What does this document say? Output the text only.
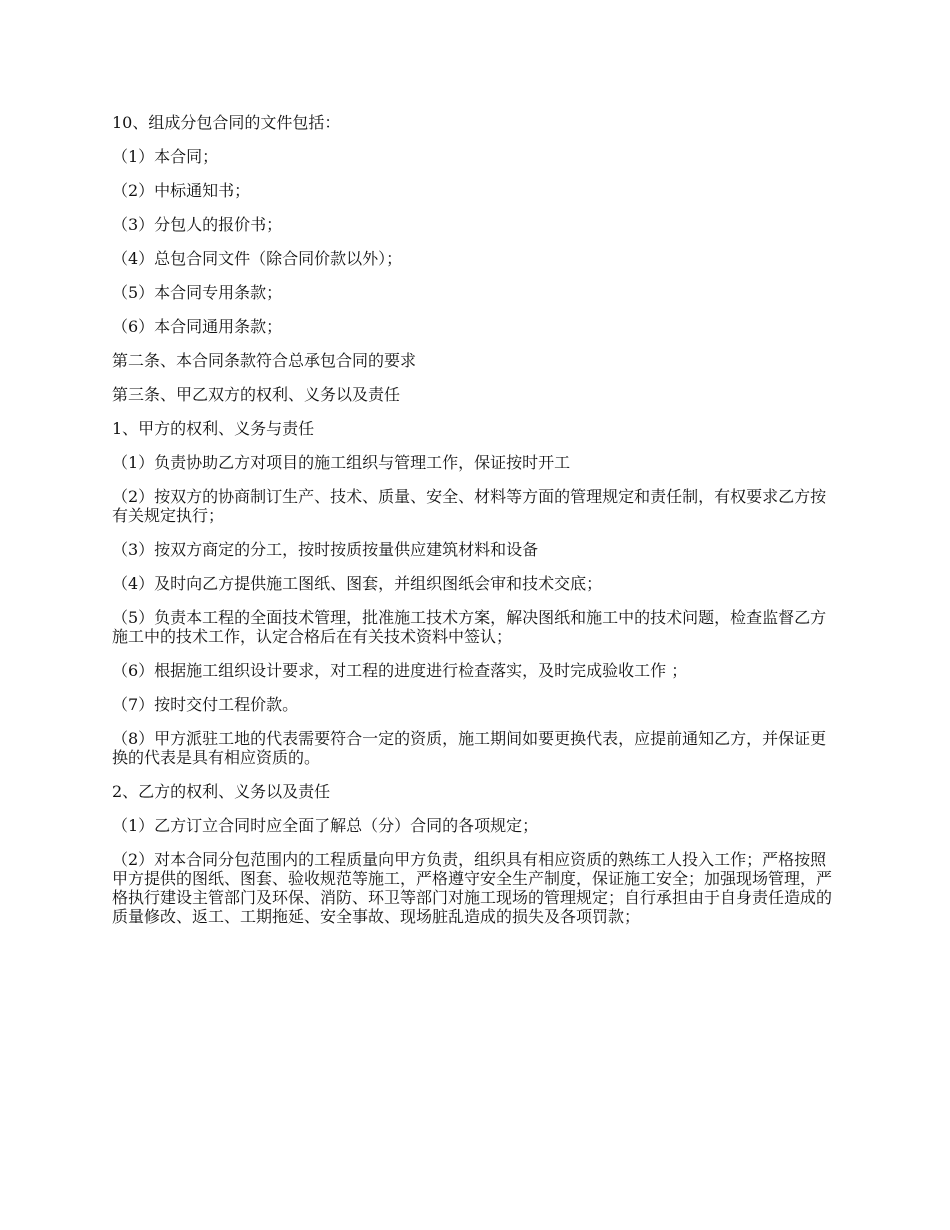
10、组成分包合同的文件包括：

（1）本合同；

（2）中标通知书；

（3）分包人的报价书；

（4）总包合同文件（除合同价款以外）；

（5）本合同专用条款；

（6）本合同通用条款；

第二条、本合同条款符合总承包合同的要求

第三条、甲乙双方的权利、义务以及责任

1、甲方的权利、义务与责任

（1）负责协助乙方对项目的施工组织与管理工作，保证按时开工

（2）按双方的协商制订生产、技术、质量、安全、材料等方面的管理规定和责任制，有权要求乙方按有关规定执行；

（3）按双方商定的分工，按时按质按量供应建筑材料和设备

（4）及时向乙方提供施工图纸、图套，并组织图纸会审和技术交底；

（5）负责本工程的全面技术管理，批准施工技术方案，解决图纸和施工中的技术问题，检查监督乙方施工中的技术工作，认定合格后在有关技术资料中签认；

（6）根据施工组织设计要求，对工程的进度进行检查落实，及时完成验收工作 ；

（7）按时交付工程价款。

（8）甲方派驻工地的代表需要符合一定的资质，施工期间如要更换代表，应提前通知乙方，并保证更换的代表是具有相应资质的。

2、乙方的权利、义务以及责任

（1）乙方订立合同时应全面了解总（分）合同的各项规定；

（2）对本合同分包范围内的工程质量向甲方负责，组织具有相应资质的熟练工人投入工作；严格按照甲方提供的图纸、图套、验收规范等施工，严格遵守安全生产制度，保证施工安全；加强现场管理，严格执行建设主管部门及环保、消防、环卫等部门对施工现场的管理规定；自行承担由于自身责任造成的质量修改、返工、工期拖延、安全事故、现场脏乱造成的损失及各项罚款；
